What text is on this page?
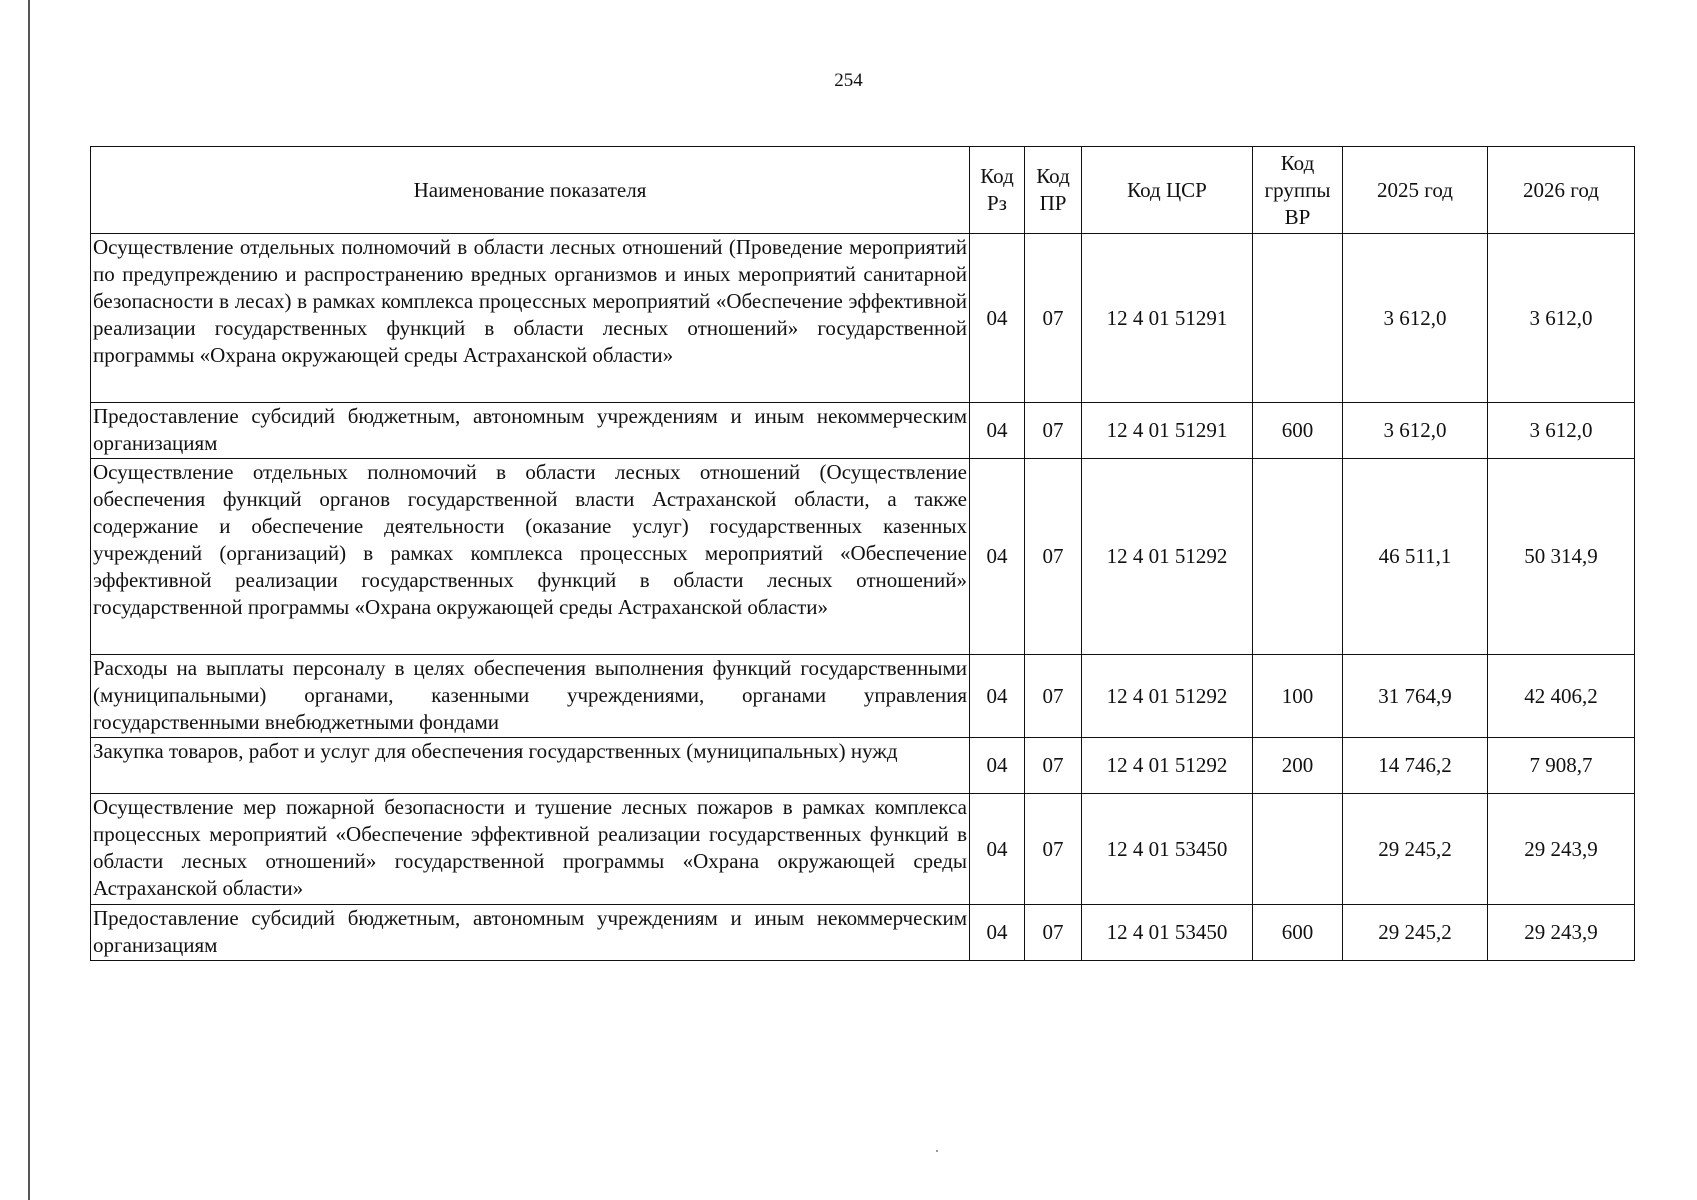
254
Наименование показателя	Код Рз	Код ПР	Код ЦСР	Код группы ВР	2025 год	2026 год
Осуществление отдельных полномочий в области лесных отношений (Проведение мероприятий по предупреждению и распространению вредных организмов и иных мероприятий санитарной безопасности в лесах) в рамках комплекса процессных мероприятий «Обеспечение эффективной реализации государственных функций в области лесных отношений» государственной программы «Охрана окружающей среды Астраханской области»	04	07	12 4 01 51291		3 612,0	3 612,0
Предоставление субсидий бюджетным, автономным учреждениям и иным некоммерческим организациям	04	07	12 4 01 51291	600	3 612,0	3 612,0
Осуществление отдельных полномочий в области лесных отношений (Осуществление обеспечения функций органов государственной власти Астраханской области, а также содержание и обеспечение деятельности (оказание услуг) государственных казенных учреждений (организаций) в рамках комплекса процессных мероприятий «Обеспечение эффективной реализации государственных функций в области лесных отношений» государственной программы «Охрана окружающей среды Астраханской области»	04	07	12 4 01 51292		46 511,1	50 314,9
Расходы на выплаты персоналу в целях обеспечения выполнения функций государственными (муниципальными) органами, казенными учреждениями, органами управления государственными внебюджетными фондами	04	07	12 4 01 51292	100	31 764,9	42 406,2
Закупка товаров, работ и услуг для обеспечения государственных (муниципальных) нужд	04	07	12 4 01 51292	200	14 746,2	7 908,7
Осуществление мер пожарной безопасности и тушение лесных пожаров в рамках комплекса процессных мероприятий «Обеспечение эффективной реализации государственных функций в области лесных отношений» государственной программы «Охрана окружающей среды Астраханской области»	04	07	12 4 01 53450		29 245,2	29 243,9
Предоставление субсидий бюджетным, автономным учреждениям и иным некоммерческим организациям	04	07	12 4 01 53450	600	29 245,2	29 243,9
